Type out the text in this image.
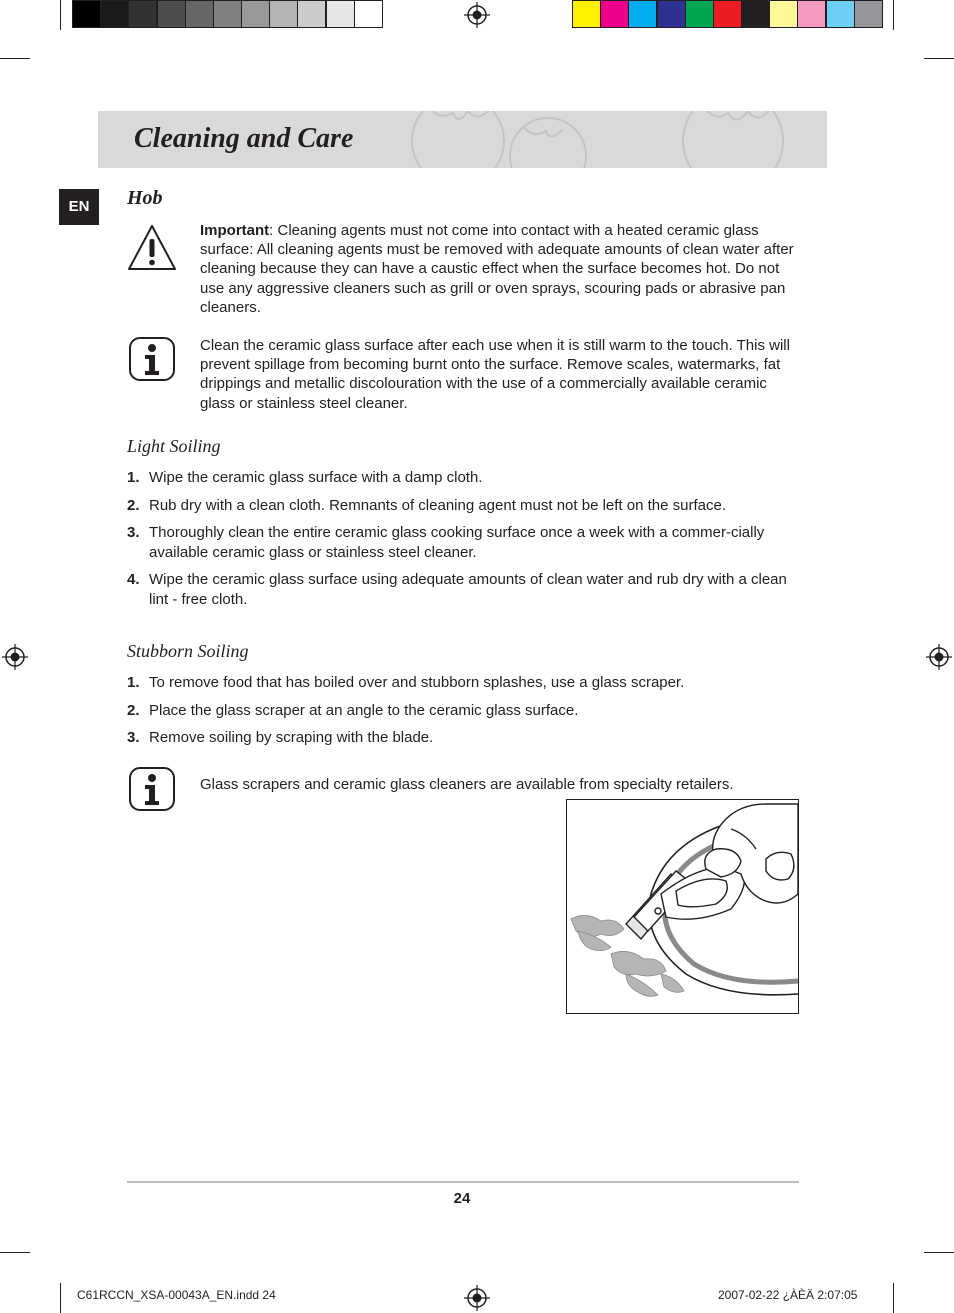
Cleaning and Care
EN	Hob
Important: Cleaning agents must not come into contact with a heated ceramic glass surface: All cleaning agents must be removed with adequate amounts of clean water after cleaning because they can have a caustic effect when the surface becomes hot. Do not use any aggressive cleaners such as grill or oven sprays, scouring pads or abrasive pan cleaners.
Clean the ceramic glass surface after each use when it is still warm to the touch. This will prevent spillage from becoming burnt onto the surface. Remove scales, watermarks, fat drippings and metallic discolouration with the use of a commercially available ceramic glass or stainless steel cleaner.
Light Soiling
1. Wipe the ceramic glass surface with a damp cloth.
2. Rub dry with a clean cloth. Remnants of cleaning agent must not be left on the surface.
3. Thoroughly clean the entire ceramic glass cooking surface once a week with a commer-cially available ceramic glass or stainless steel cleaner.
4. Wipe the ceramic glass surface using adequate amounts of clean water and rub dry with a clean lint - free cloth.
Stubborn Soiling
1. To remove food that has boiled over and stubborn splashes, use a glass scraper.
2. Place the glass scraper at an angle to the ceramic glass surface.
3. Remove soiling by scraping with the blade.
Glass scrapers and ceramic glass cleaners are available from specialty retailers.
24
C61RCCN_XSA-00043A_EN.indd 24	2007-02-22 ¿ÀÈÄ 2:07:05
